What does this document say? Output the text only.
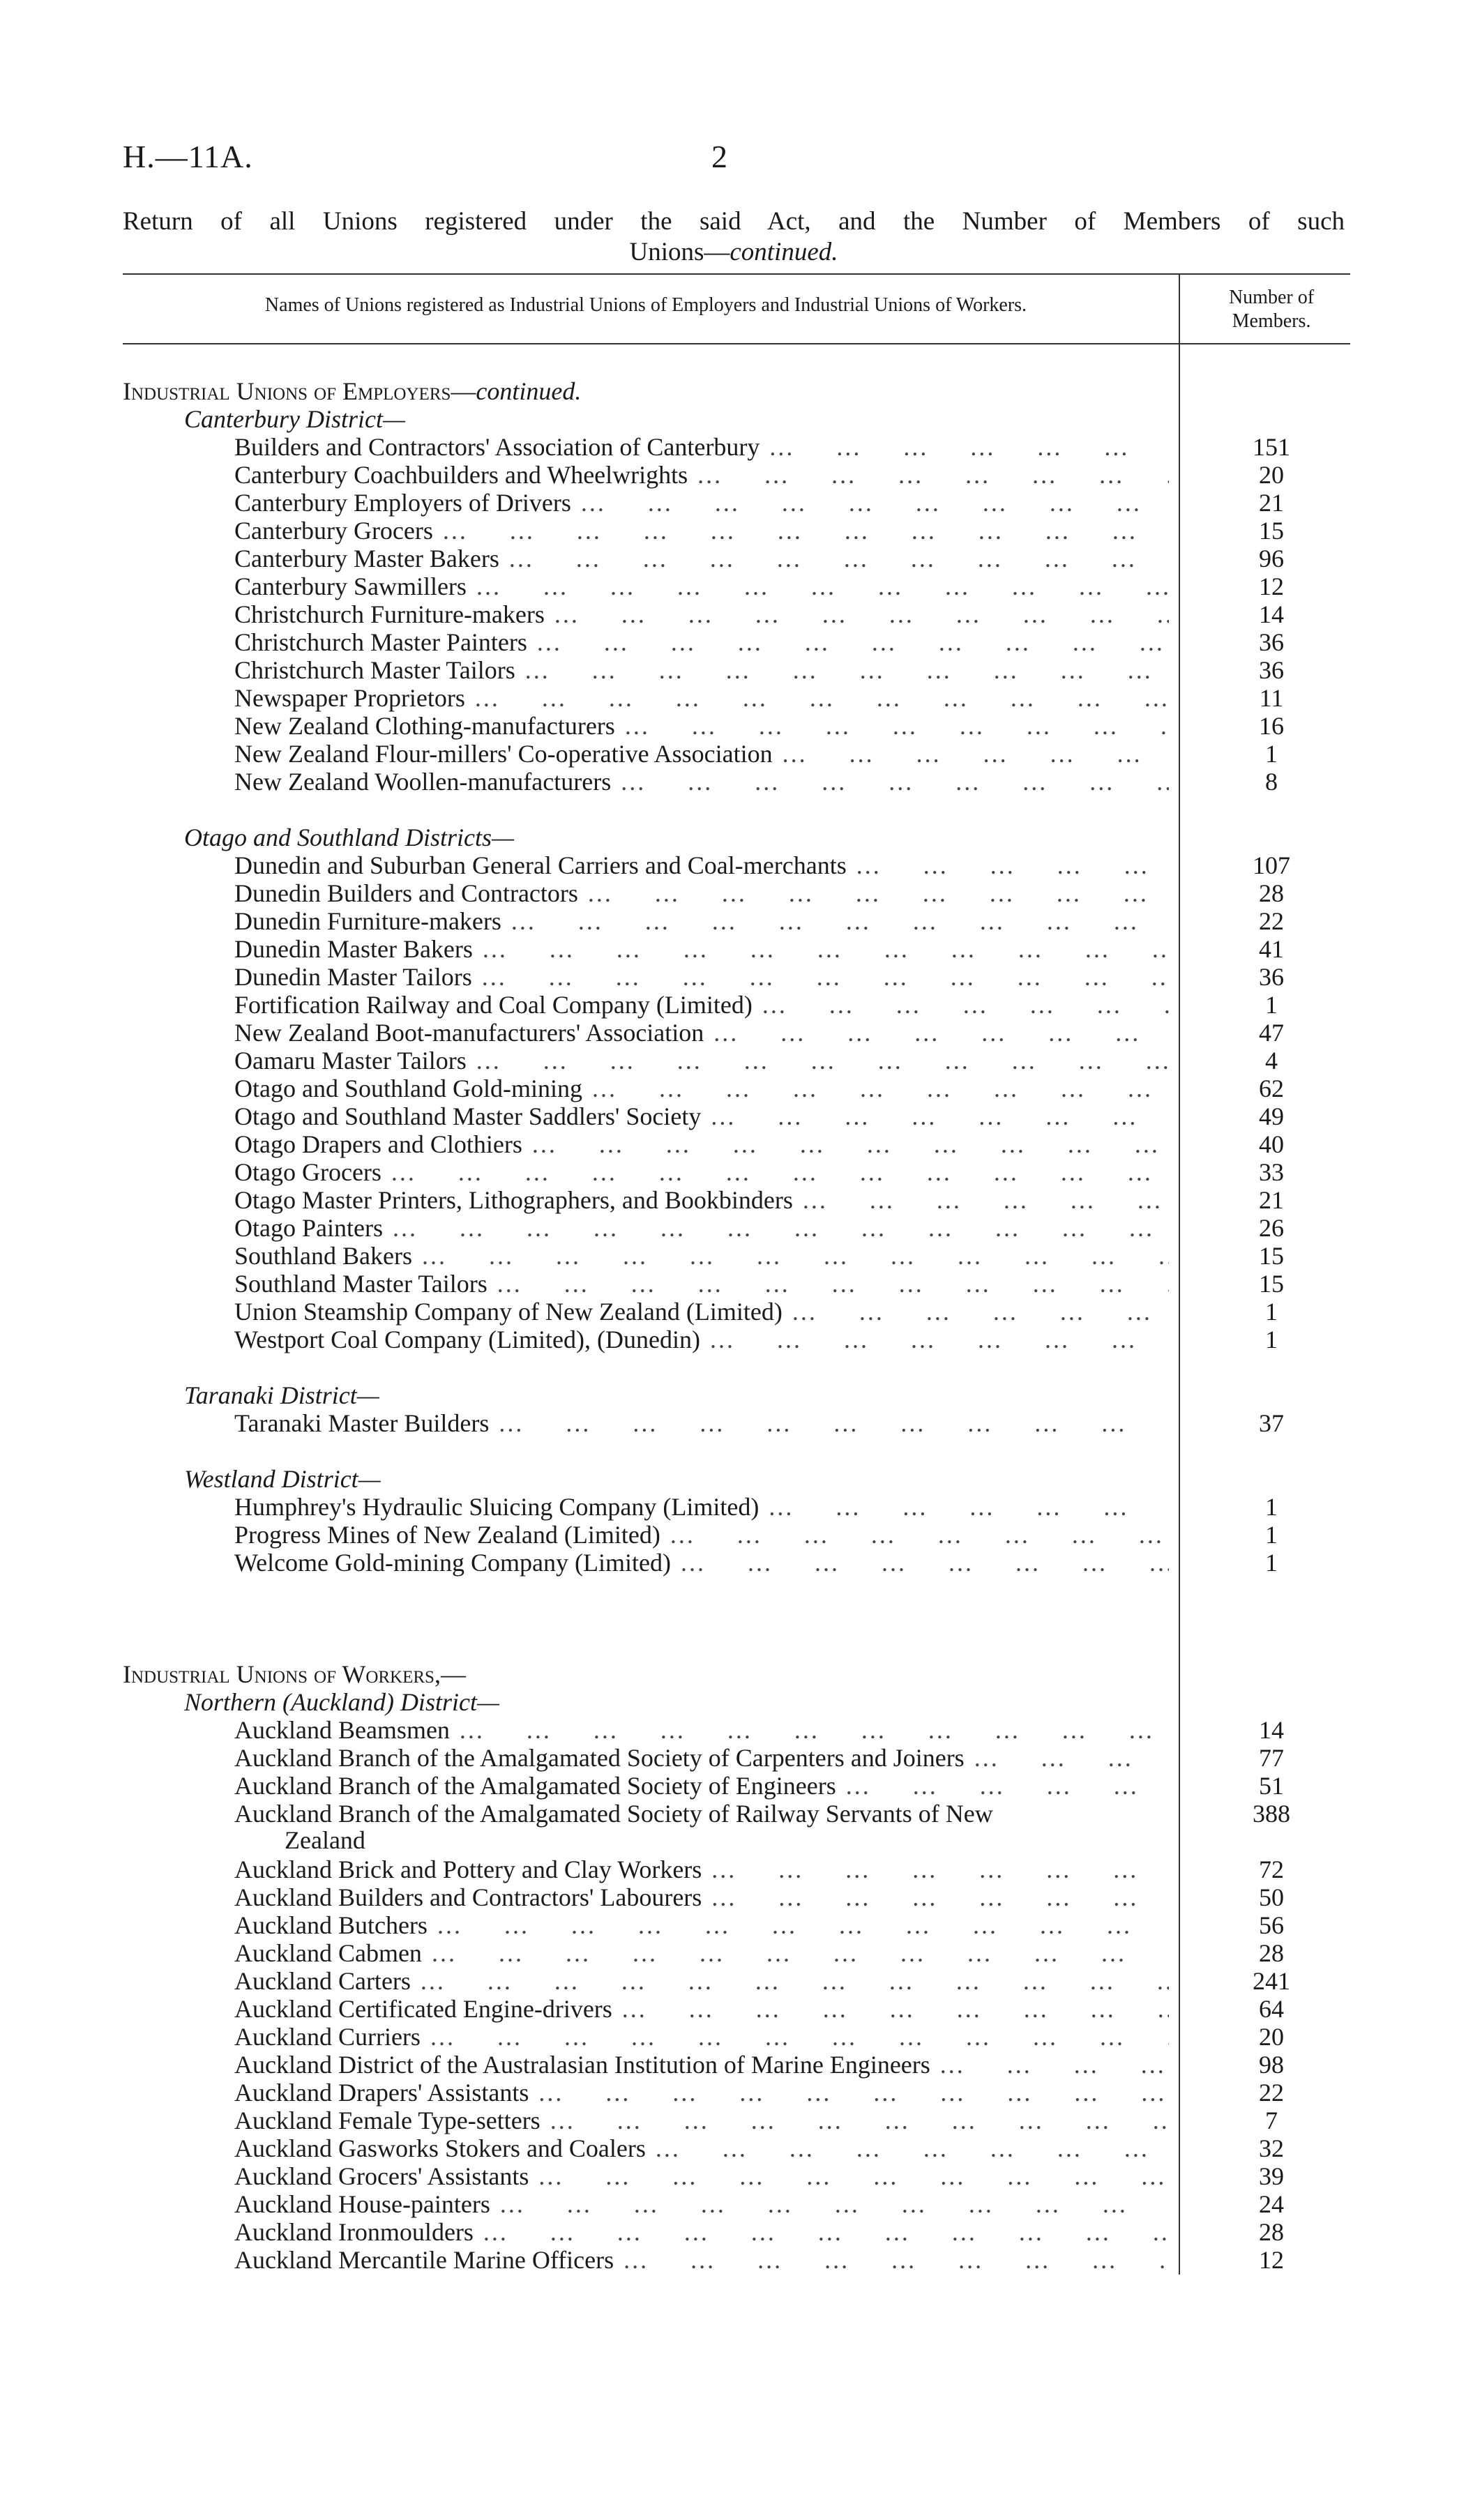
H.—11A.	2
Return of all Unions registered under the said Act, and the Number of Members of such
Unions—continued.
Names of Unions registered as Industrial Unions of Employers and Industrial Unions of Workers.	Number of
Members.
Industrial Unions of Employers—continued.
Canterbury District—
Builders and Contractors' Association of Canterbury ...	151
Canterbury Coachbuilders and Wheelwrights ...	20
Canterbury Employers of Drivers ...	21
Canterbury Grocers ...	15
Canterbury Master Bakers ...	96
Canterbury Sawmillers ...	12
Christchurch Furniture-makers ...	14
Christchurch Master Painters ...	36
Christchurch Master Tailors ...	36
Newspaper Proprietors ...	11
New Zealand Clothing-manufacturers ...	16
New Zealand Flour-millers' Co-operative Association ...	1
New Zealand Woollen-manufacturers ...	8
Otago and Southland Districts—
Dunedin and Suburban General Carriers and Coal-merchants ...	107
Dunedin Builders and Contractors ...	28
Dunedin Furniture-makers ...	22
Dunedin Master Bakers ...	41
Dunedin Master Tailors ...	36
Fortification Railway and Coal Company (Limited) ...	1
New Zealand Boot-manufacturers' Association ...	47
Oamaru Master Tailors ...	4
Otago and Southland Gold-mining ...	62
Otago and Southland Master Saddlers' Society ...	49
Otago Drapers and Clothiers ...	40
Otago Grocers ...	33
Otago Master Printers, Lithographers, and Bookbinders ...	21
Otago Painters ...	26
Southland Bakers ...	15
Southland Master Tailors ...	15
Union Steamship Company of New Zealand (Limited) ...	1
Westport Coal Company (Limited), (Dunedin) ...	1
Taranaki District—
Taranaki Master Builders ...	37
Westland District—
Humphrey's Hydraulic Sluicing Company (Limited) ...	1
Progress Mines of New Zealand (Limited) ...	1
Welcome Gold-mining Company (Limited) ...	1
Industrial Unions of Workers,—
Northern (Auckland) District—
Auckland Beamsmen ...	14
Auckland Branch of the Amalgamated Society of Carpenters and Joiners ...	77
Auckland Branch of the Amalgamated Society of Engineers ...	51
Auckland Branch of the Amalgamated Society of Railway Servants of New	388
Zealand
Auckland Brick and Pottery and Clay Workers ...	72
Auckland Builders and Contractors' Labourers ...	50
Auckland Butchers ...	56
Auckland Cabmen ...	28
Auckland Carters ...	241
Auckland Certificated Engine-drivers ...	64
Auckland Curriers ...	20
Auckland District of the Australasian Institution of Marine Engineers ...	98
Auckland Drapers' Assistants ...	22
Auckland Female Type-setters ...	7
Auckland Gasworks Stokers and Coalers ...	32
Auckland Grocers' Assistants ...	39
Auckland House-painters ...	24
Auckland Ironmoulders ...	28
Auckland Mercantile Marine Officers ...	12
